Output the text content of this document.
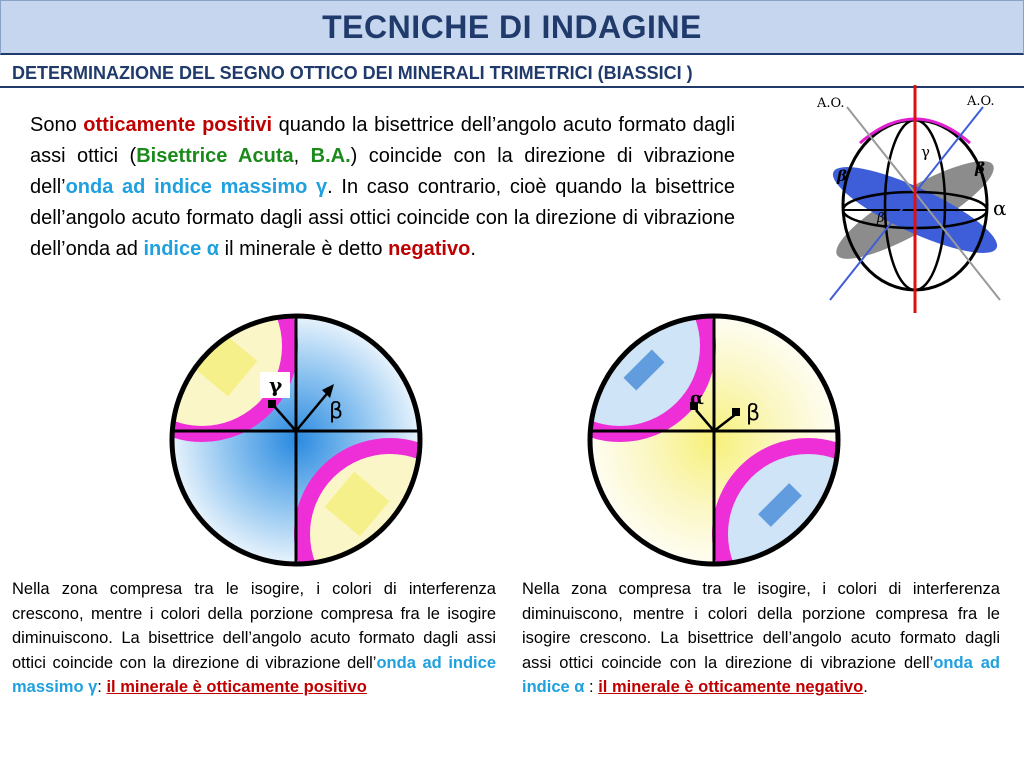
TECNICHE DI INDAGINE
DETERMINAZIONE DEL SEGNO OTTICO DEI MINERALI TRIMETRICI (BIASSICI )
Sono otticamente positivi quando la bisettrice dell’angolo acuto formato dagli assi ottici (Bisettrice Acuta, B.A.) coincide con la direzione di vibrazione dell’onda ad indice massimo γ. In caso contrario, cioè quando la bisettrice dell’angolo acuto formato dagli assi ottici coincide con la direzione di vibrazione dell’onda ad indice α il minerale è detto negativo.
A.O.	A.O.
γ
β	β
β	α
γ
β
α
β
Nella zona compresa tra le isogire, i colori di interferenza crescono, mentre i colori della porzione compresa fra le isogire diminuiscono. La bisettrice dell’angolo acuto formato dagli assi ottici coincide con la direzione di vibrazione dell’onda ad indice massimo γ: il minerale è otticamente positivo
Nella zona compresa tra le isogire, i colori di interferenza diminuiscono, mentre i colori della porzione compresa fra le isogire crescono. La bisettrice dell’angolo acuto formato dagli assi ottici coincide con la direzione di vibrazione dell’onda ad indice α : il minerale è otticamente negativo.
